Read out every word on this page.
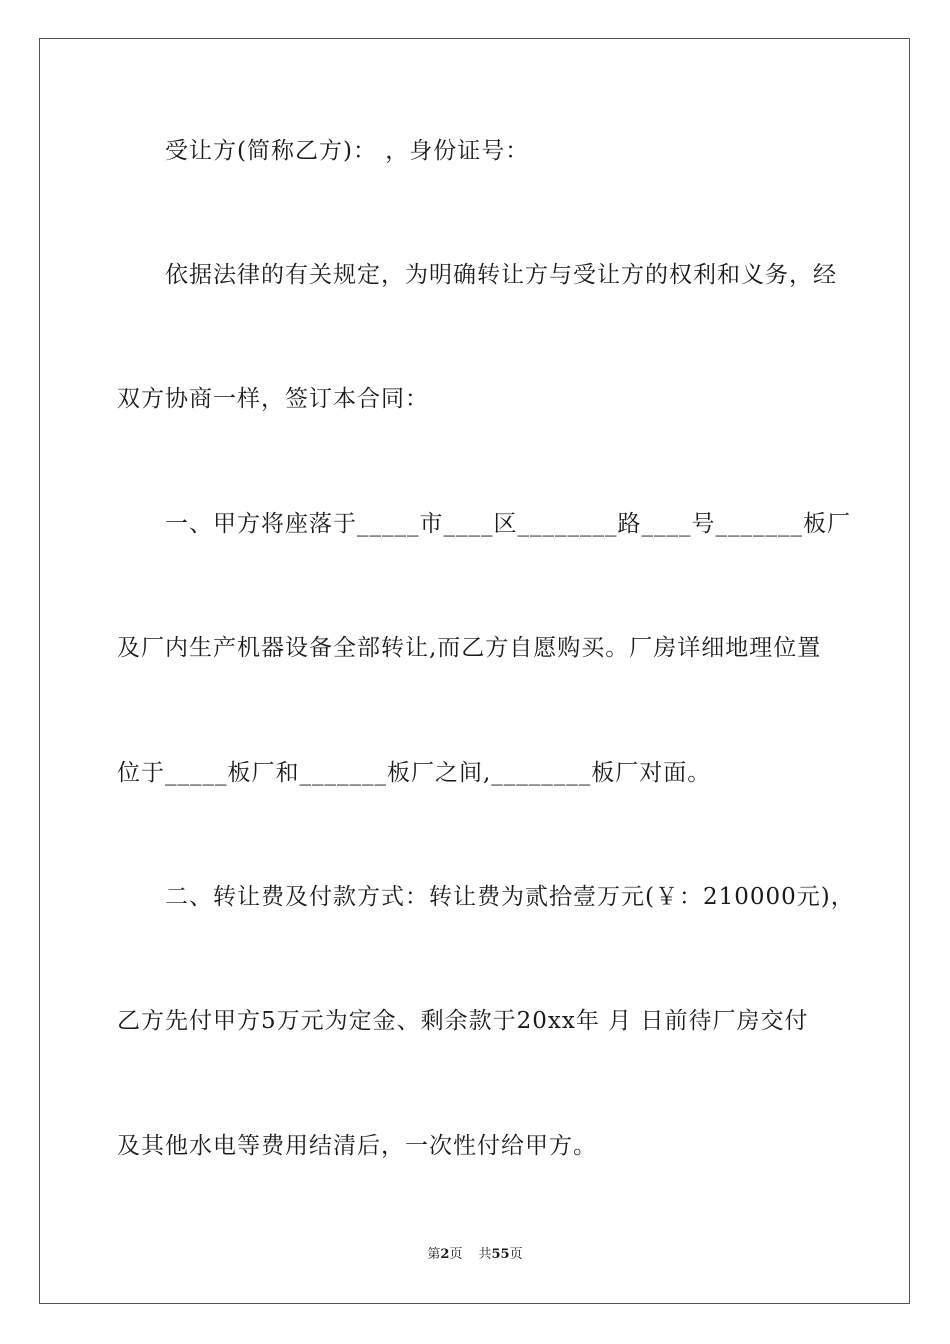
受让方(简称乙方)： ，身份证号：
依据法律的有关规定，为明确转让方与受让方的权利和义务，经
双方协商一样，签订本合同：
一、甲方将座落于_____市____区________路____号_______板厂
及厂内生产机器设备全部转让,而乙方自愿购买。厂房详细地理位置
位于_____板厂和_______板厂之间,________板厂对面。
二、转让费及付款方式：转让费为贰拾壹万元(￥：210000元)，
乙方先付甲方5万元为定金、剩余款于20xx年 月 日前待厂房交付
及其他水电等费用结清后，一次性付给甲方。
第2页 共55页
